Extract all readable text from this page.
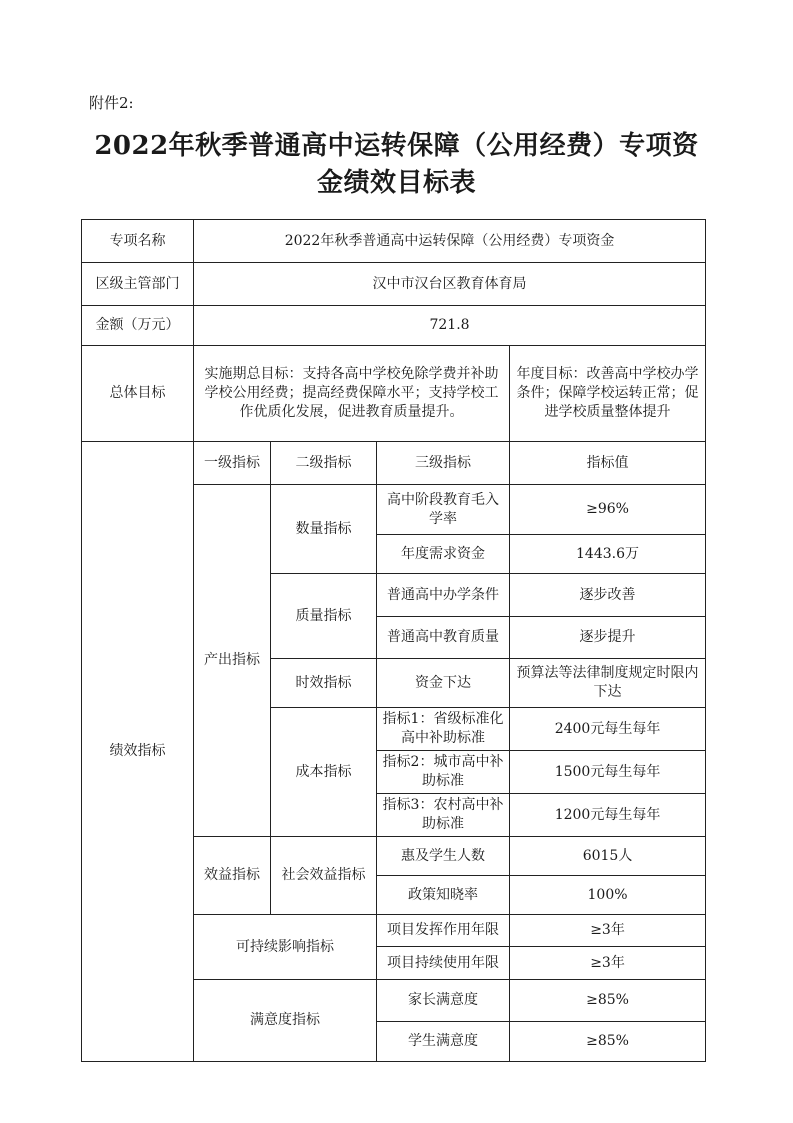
附件2:
2022年秋季普通高中运转保障（公用经费）专项资
金绩效目标表
专项名称	2022年秋季普通高中运转保障（公用经费）专项资金			
区级主管部门	汉中市汉台区教育体育局			
金额（万元）	721.8			
总体目标	实施期总目标：支持各高中学校免除学费并补助学校公用经费；提高经费保障水平；支持学校工作优质化发展，促进教育质量提升。			年度目标：改善高中学校办学条件；保障学校运转正常；促进学校质量整体提升
绩效指标	一级指标	二级指标	三级指标	指标值
	产出指标	数量指标	高中阶段教育毛入学率	≥96%
			年度需求资金	1443.6万
		质量指标	普通高中办学条件	逐步改善
			普通高中教育质量	逐步提升
		时效指标	资金下达	预算法等法律制度规定时限内下达
		成本指标	指标1：省级标准化高中补助标准	2400元每生每年
			指标2：城市高中补助标准	1500元每生每年
			指标3：农村高中补助标准	1200元每生每年
	效益指标	社会效益指标	惠及学生人数	6015人
			政策知晓率	100%
	可持续影响指标		项目发挥作用年限	≥3年
			项目持续使用年限	≥3年
	满意度指标		家长满意度	≥85%
			学生满意度	≥85%
